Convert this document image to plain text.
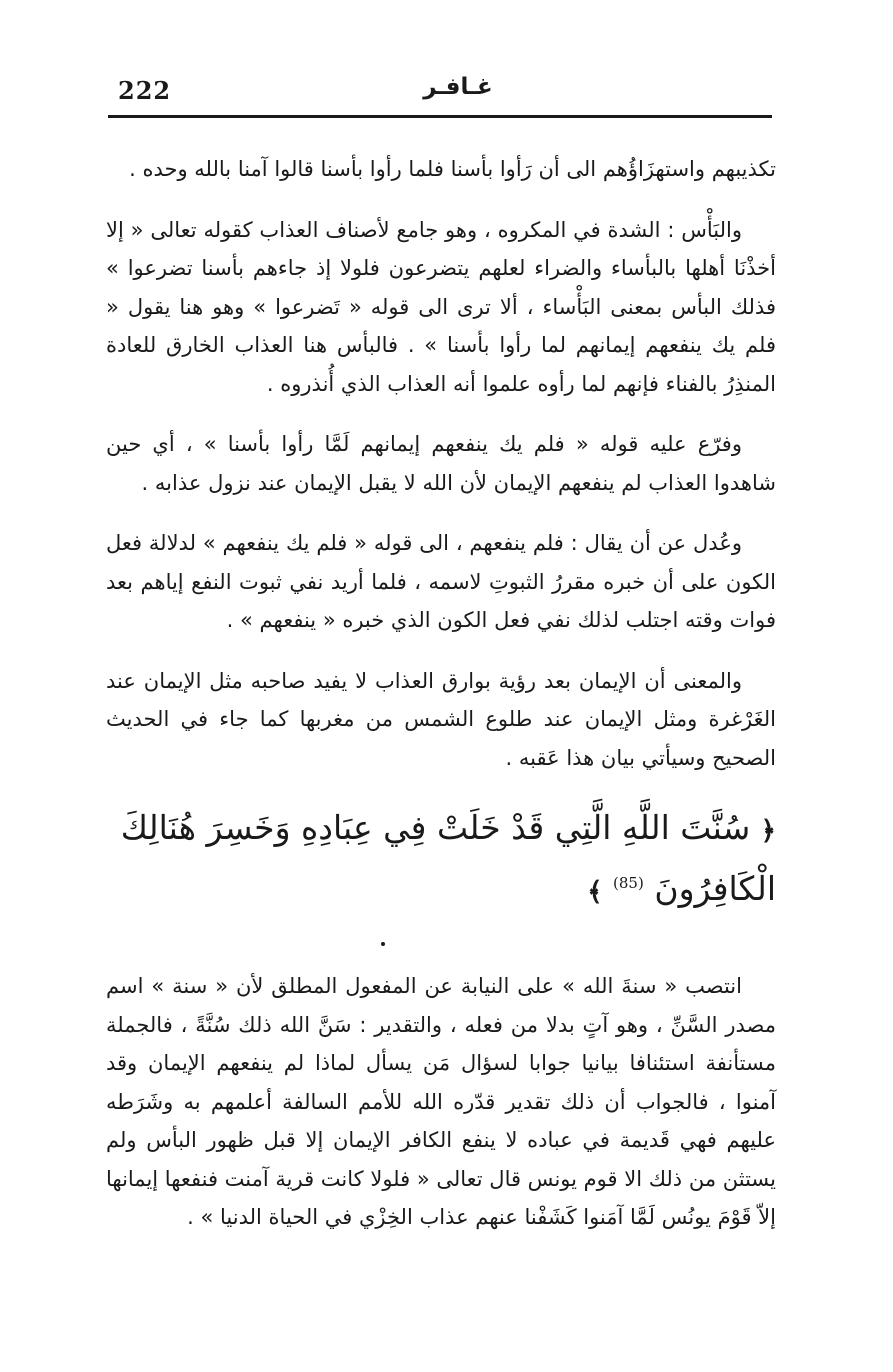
222	غـافـر

تكذيبهم واستهزَاؤُهم الى أن رَأوا بأسنا فلما رأوا بأسنا قالوا آمنا بالله وحده .

والبَأْس : الشدة في المكروه ، وهو جامع لأصناف العذاب كقوله تعالى « إلا أخذْنَا أهلها بالبأساء والضراء لعلهم يتضرعون فلولا إذ جاءهم بأسنا تضرعوا » فذلك البأس بمعنى البَأْساء ، ألا ترى الى قوله « تَضرعوا » وهو هنا يقول « فلم يك ينفعهم إيمانهم لما رأوا بأسنا » . فالبأس هنا العذاب الخارق للعادة المنذِرُ بالفناء فإنهم لما رأوه علموا أنه العذاب الذي أُنذروه .

وفرّع عليه قوله « فلم يك ينفعهم إيمانهم لَمَّا رأوا بأسنا » ، أي حين شاهدوا العذاب لم ينفعهم الإيمان لأن الله لا يقبل الإيمان عند نزول عذابه .

وعُدل عن أن يقال : فلم ينفعهم ، الى قوله « فلم يك ينفعهم » لدلالة فعل الكون على أن خبره مقررُ الثبوتِ لاسمه ، فلما أريد نفي ثبوت النفع إياهم بعد فوات وقته اجتلب لذلك نفي فعل الكون الذي خبره « ينفعهم » .

والمعنى أن الإيمان بعد رؤية بوارق العذاب لا يفيد صاحبه مثل الإيمان عند الغَرْغرة ومثل الإيمان عند طلوع الشمس من مغربها كما جاء في الحديث الصحيح وسيأتي بيان هذا عَقبه .

﴿ سُنَّتَ اللَّهِ الَّتِي قَدْ خَلَتْ فِي عِبَادِهِ وَخَسِرَ هُنَالِكَ الْكَافِرُونَ $^{(85)}$ ﴾

انتصب « سنةَ الله » على النيابة عن المفعول المطلق لأن « سنة » اسم مصدر السَّنِّ ، وهو آتٍ بدلا من فعله ، والتقدير : سَنَّ الله ذلك سُنَّةً ، فالجملة مستأنفة استئنافا بيانيا جوابا لسؤال مَن يسأل لماذا لم ينفعهم الإيمان وقد آمنوا ، فالجواب أن ذلك تقدير قدّره الله للأمم السالفة أعلمهم به وشَرَطه عليهم فهي قَديمة في عباده لا ينفع الكافر الإيمان إلا قبل ظهور البأس ولم يستثن من ذلك الا قوم يونس قال تعالى « فلولا كانت قرية آمنت فنفعها إيمانها إلاّ قَوْمَ يونُس لَمَّا آمَنوا كَشَفْنا عنهم عذاب الخِزْي في الحياة الدنيا » .
